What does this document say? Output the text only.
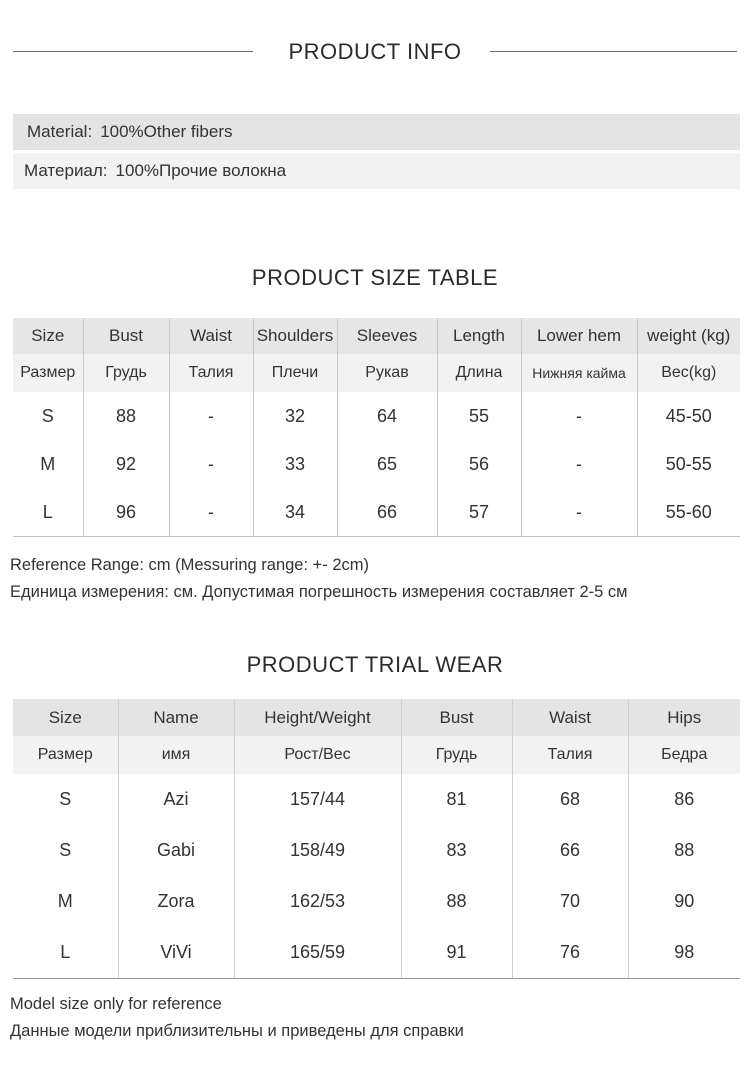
PRODUCT INFO
Material: 100%Other fibers
Материал: 100%Прочие волокна
PRODUCT SIZE TABLE
Size	Bust	Waist	Shoulders	Sleeves	Length	Lower hem	weight (kg)
Размер	Грудь	Талия	Плечи	Рукав	Длина	Нижняя кайма	Вес(kg)
S	88	-	32	64	55	-	45-50
M	92	-	33	65	56	-	50-55
L	96	-	34	66	57	-	55-60
Reference Range: cm (Messuring range: +- 2cm)
Единица измерения: см. Допустимая погрешность измерения составляет 2-5 см
PRODUCT TRIAL WEAR
Size	Name	Height/Weight	Bust	Waist	Hips
Размер	имя	Рост/Вес	Грудь	Талия	Бедра
S	Azi	157/44	81	68	86
S	Gabi	158/49	83	66	88
M	Zora	162/53	88	70	90
L	ViVi	165/59	91	76	98
Model size only for reference
Данные модели приблизительны и приведены для справки
